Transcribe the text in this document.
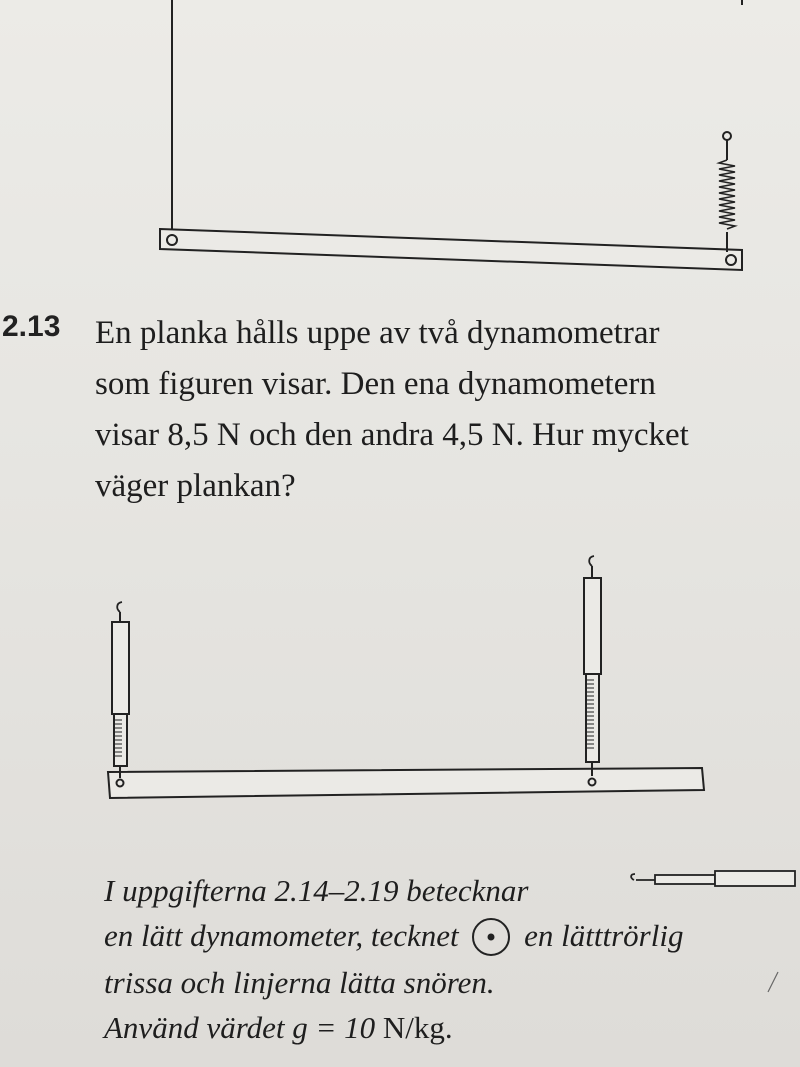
2.13 En planka hålls uppe av två dynamometrar
som figuren visar. Den ena dynamometern
visar 8,5 N och den andra 4,5 N. Hur mycket
väger plankan?
I uppgifterna 2.14–2.19 betecknar
en lätt dynamometer, tecknet en lätttrörlig
trissa och linjerna lätta snören.
Använd värdet g = 10 N/kg.
